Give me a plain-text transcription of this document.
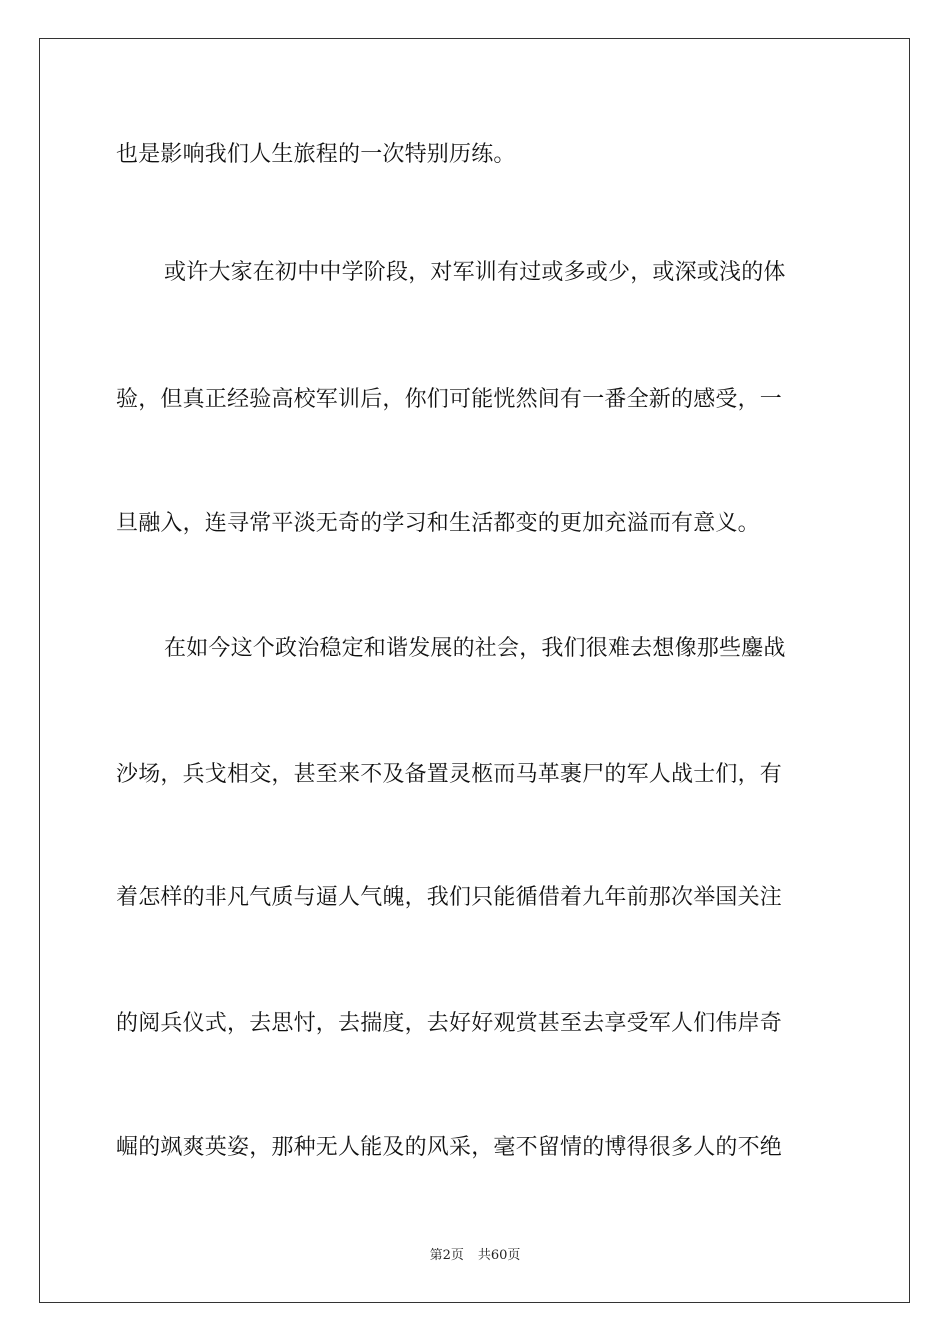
也是影响我们人生旅程的一次特别历练。
或许大家在初中中学阶段，对军训有过或多或少，或深或浅的体
验，但真正经验高校军训后，你们可能恍然间有一番全新的感受，一
旦融入，连寻常平淡无奇的学习和生活都变的更加充溢而有意义。
在如今这个政治稳定和谐发展的社会，我们很难去想像那些鏖战
沙场，兵戈相交，甚至来不及备置灵柩而马革裹尸的军人战士们，有
着怎样的非凡气质与逼人气魄，我们只能循借着九年前那次举国关注
的阅兵仪式，去思忖，去揣度，去好好观赏甚至去享受军人们伟岸奇
崛的飒爽英姿，那种无人能及的风采，毫不留情的博得很多人的不绝
第2页 共60页
